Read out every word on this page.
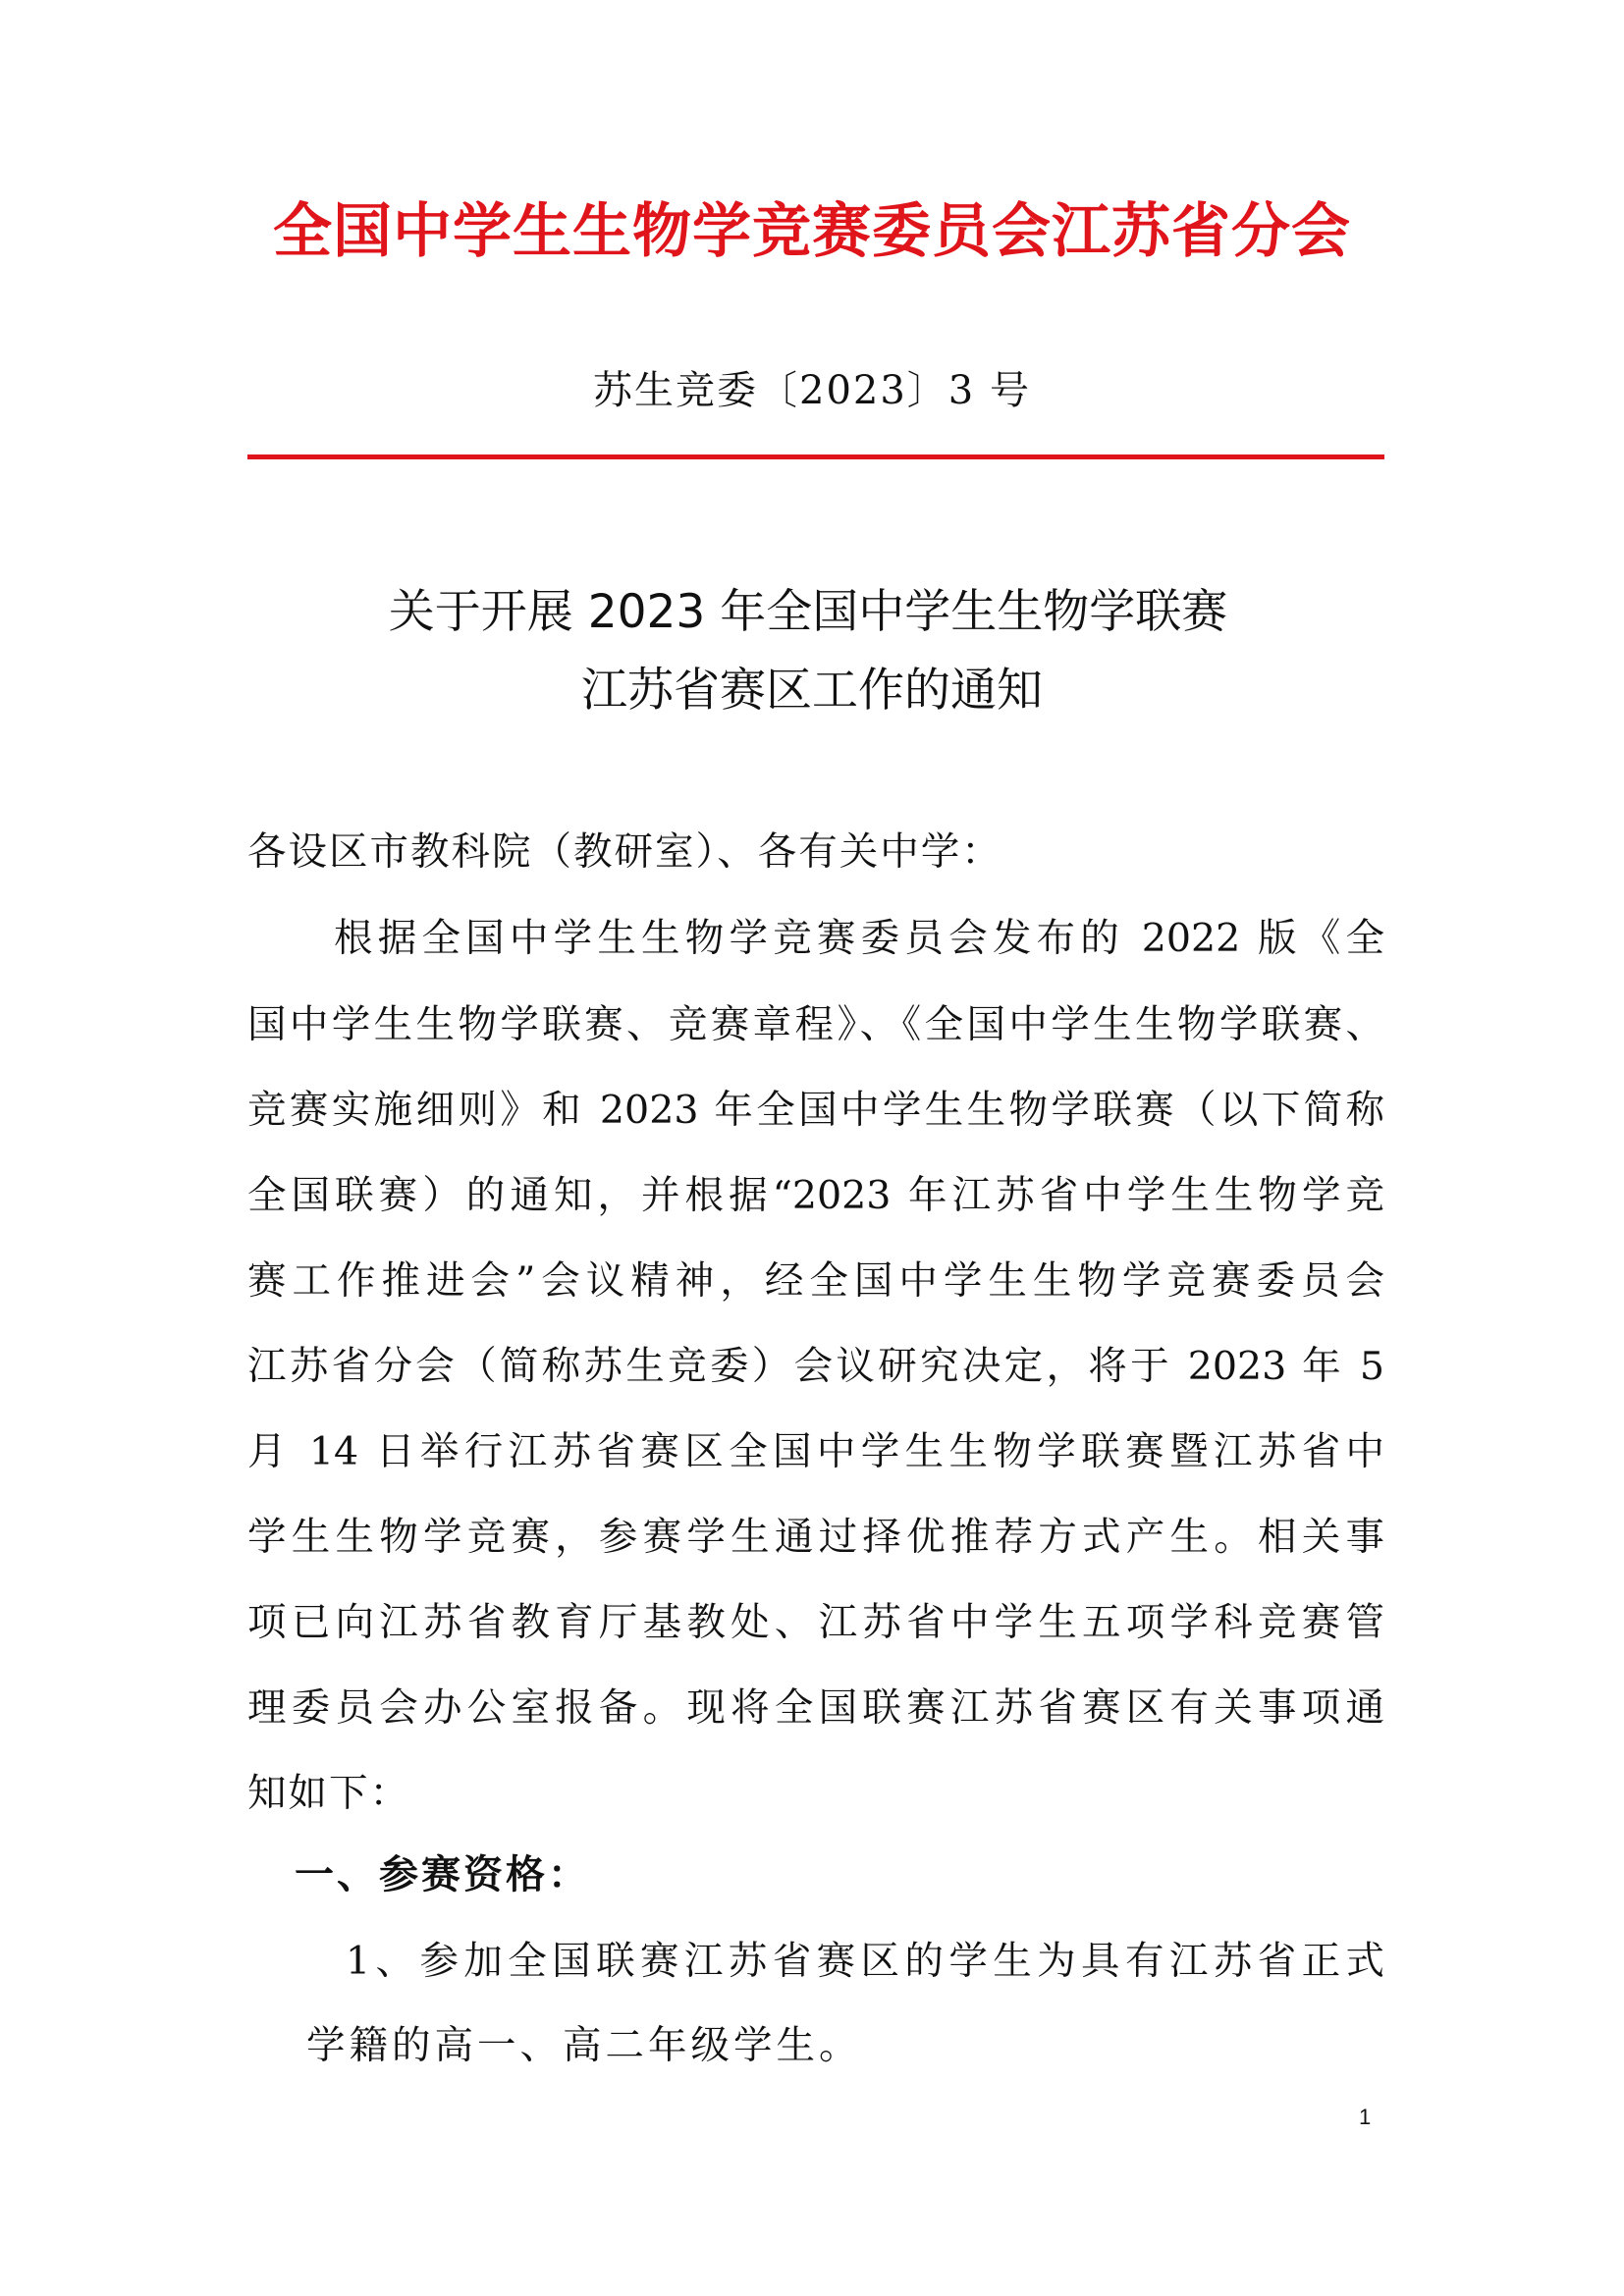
全国中学生生物学竞赛委员会江苏省分会
苏生竞委〔2023〕3 号
关于开展 2023 年全国中学生生物学联赛
江苏省赛区工作的通知
各设区市教科院（教研室）、各有关中学：
根据全国中学生生物学竞赛委员会发布的 2022 版《全
国中学生生物学联赛、竞赛章程》、《全国中学生生物学联赛、
竞赛实施细则》和 2023 年全国中学生生物学联赛（以下简称
全国联赛）的通知，并根据“2023 年江苏省中学生生物学竞
赛工作推进会”会议精神，经全国中学生生物学竞赛委员会
江苏省分会（简称苏生竞委）会议研究决定，将于 2023 年 5
月 14 日举行江苏省赛区全国中学生生物学联赛暨江苏省中
学生生物学竞赛，参赛学生通过择优推荐方式产生。相关事
项已向江苏省教育厅基教处、江苏省中学生五项学科竞赛管
理委员会办公室报备。现将全国联赛江苏省赛区有关事项通
知如下：
一、参赛资格：
1、参加全国联赛江苏省赛区的学生为具有江苏省正式
学籍的高一、高二年级学生。
1
